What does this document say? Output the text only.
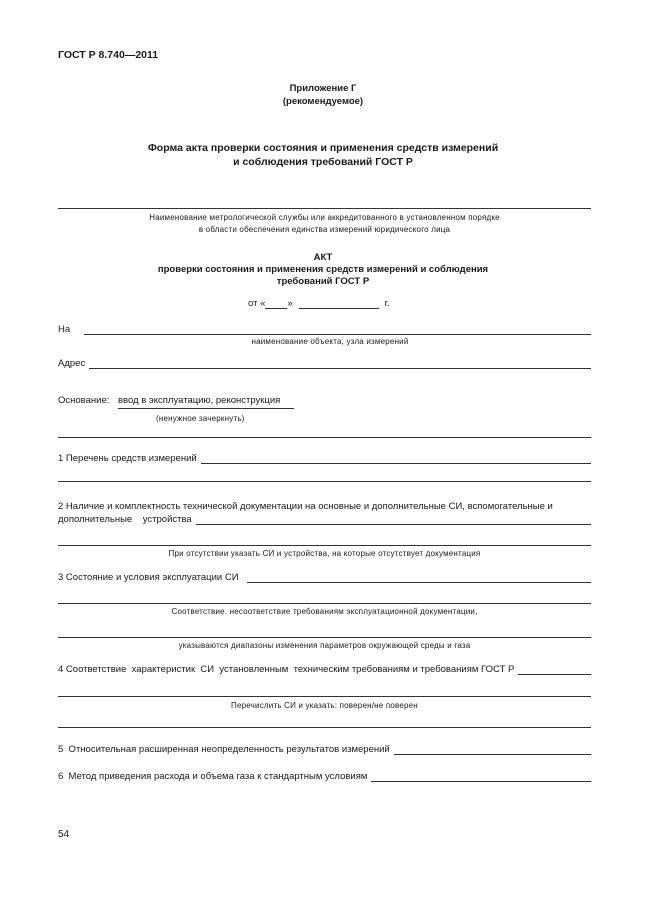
ГОСТ Р 8.740—2011
Приложение Г
(рекомендуемое)
Форма акта проверки состояния и применения средств измерений
и соблюдения требований ГОСТ Р
Наименование метрологической службы или аккредитованного в установленном порядке
в области обеспечения единства измерений юридического лица
АКТ
проверки состояния и применения средств измерений и соблюдения
требований ГОСТ Р
от « »	г.
На
наименование объекта, узла измерений
Адрес
Основание: ввод в эксплуатацию, реконструкция
(ненужное зачеркнуть)
1 Перечень средств измерений
2 Наличие и комплектность технической документации на основные и дополнительные СИ, вспомогательные и
дополнительные    устройства
При отсутствии указать СИ и устройства, на которые отсутствует документация
3 Состояние и условия эксплуатации СИ
Соответствие. несоответствие требованиям эксплуатационной документации,
указываются диапазоны изменения параметров окружающей среды и газа
4 Соответствие  характеристик  СИ  установленным  техническим требованиям и требованиям ГОСТ Р
Перечислить СИ и указать: поверен/не поверен
5  Относительная расширенная неопределенность результатов измерений
6  Метод приведения расхода и объема газа к стандартным условиям
54
